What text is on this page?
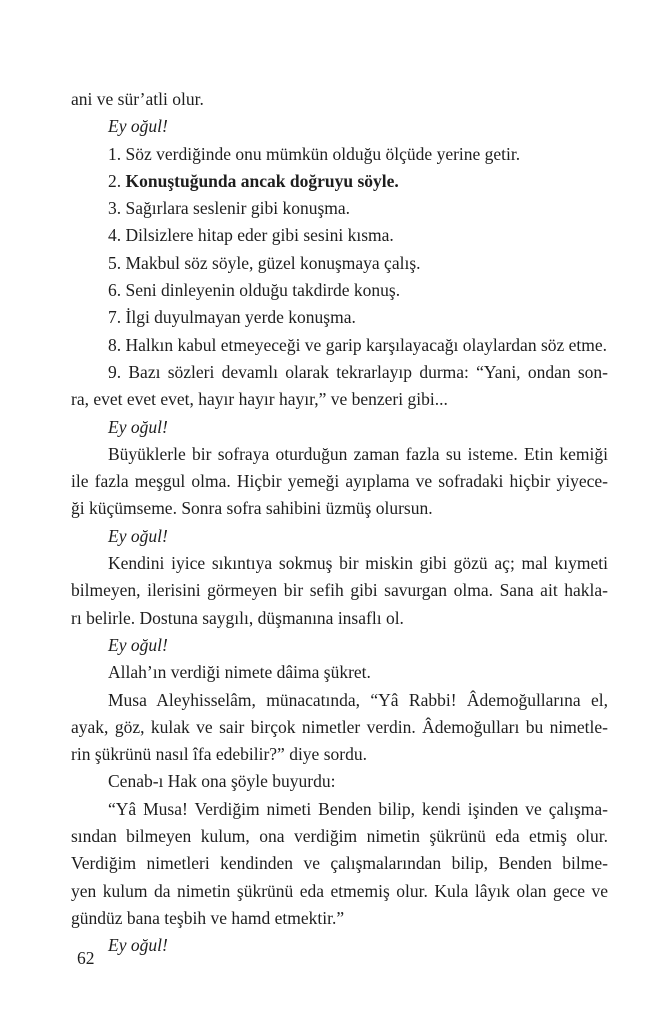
ani ve sür’atli olur.
Ey oğul!
1. Söz verdiğinde onu mümkün olduğu ölçüde yerine getir.
2. Konuştuğunda ancak doğruyu söyle.
3. Sağırlara seslenir gibi konuşma.
4. Dilsizlere hitap eder gibi sesini kısma.
5. Makbul söz söyle, güzel konuşmaya çalış.
6. Seni dinleyenin olduğu takdirde konuş.
7. İlgi duyulmayan yerde konuşma.
8. Halkın kabul etmeyeceği ve garip karşılayacağı olaylardan söz etme.
9. Bazı sözleri devamlı olarak tekrarlayıp durma: “Yani, ondan son-
ra, evet evet evet, hayır hayır hayır,” ve benzeri gibi...
Ey oğul!
Büyüklerle bir sofraya oturduğun zaman fazla su isteme. Etin kemiği
ile fazla meşgul olma. Hiçbir yemeği ayıplama ve sofradaki hiçbir yiyece-
ği küçümseme. Sonra sofra sahibini üzmüş olursun.
Ey oğul!
Kendini iyice sıkıntıya sokmuş bir miskin gibi gözü aç; mal kıymeti
bilmeyen, ilerisini görmeyen bir sefih gibi savurgan olma. Sana ait hakla-
rı belirle. Dostuna saygılı, düşmanına insaflı ol.
Ey oğul!
Allah’ın verdiği nimete dâima şükret.
Musa Aleyhisselâm, münacatında, “Yâ Rabbi! Âdemoğullarına el,
ayak, göz, kulak ve sair birçok nimetler verdin. Âdemoğulları bu nimetle-
rin şükrünü nasıl îfa edebilir?” diye sordu.
Cenab-ı Hak ona şöyle buyurdu:
“Yâ Musa! Verdiğim nimeti Benden bilip, kendi işinden ve çalışma-
sından bilmeyen kulum, ona verdiğim nimetin şükrünü eda etmiş olur.
Verdiğim nimetleri kendinden ve çalışmalarından bilip, Benden bilme-
yen kulum da nimetin şükrünü eda etmemiş olur. Kula lâyık olan gece ve
gündüz bana teşbih ve hamd etmektir.”
Ey oğul!
62
